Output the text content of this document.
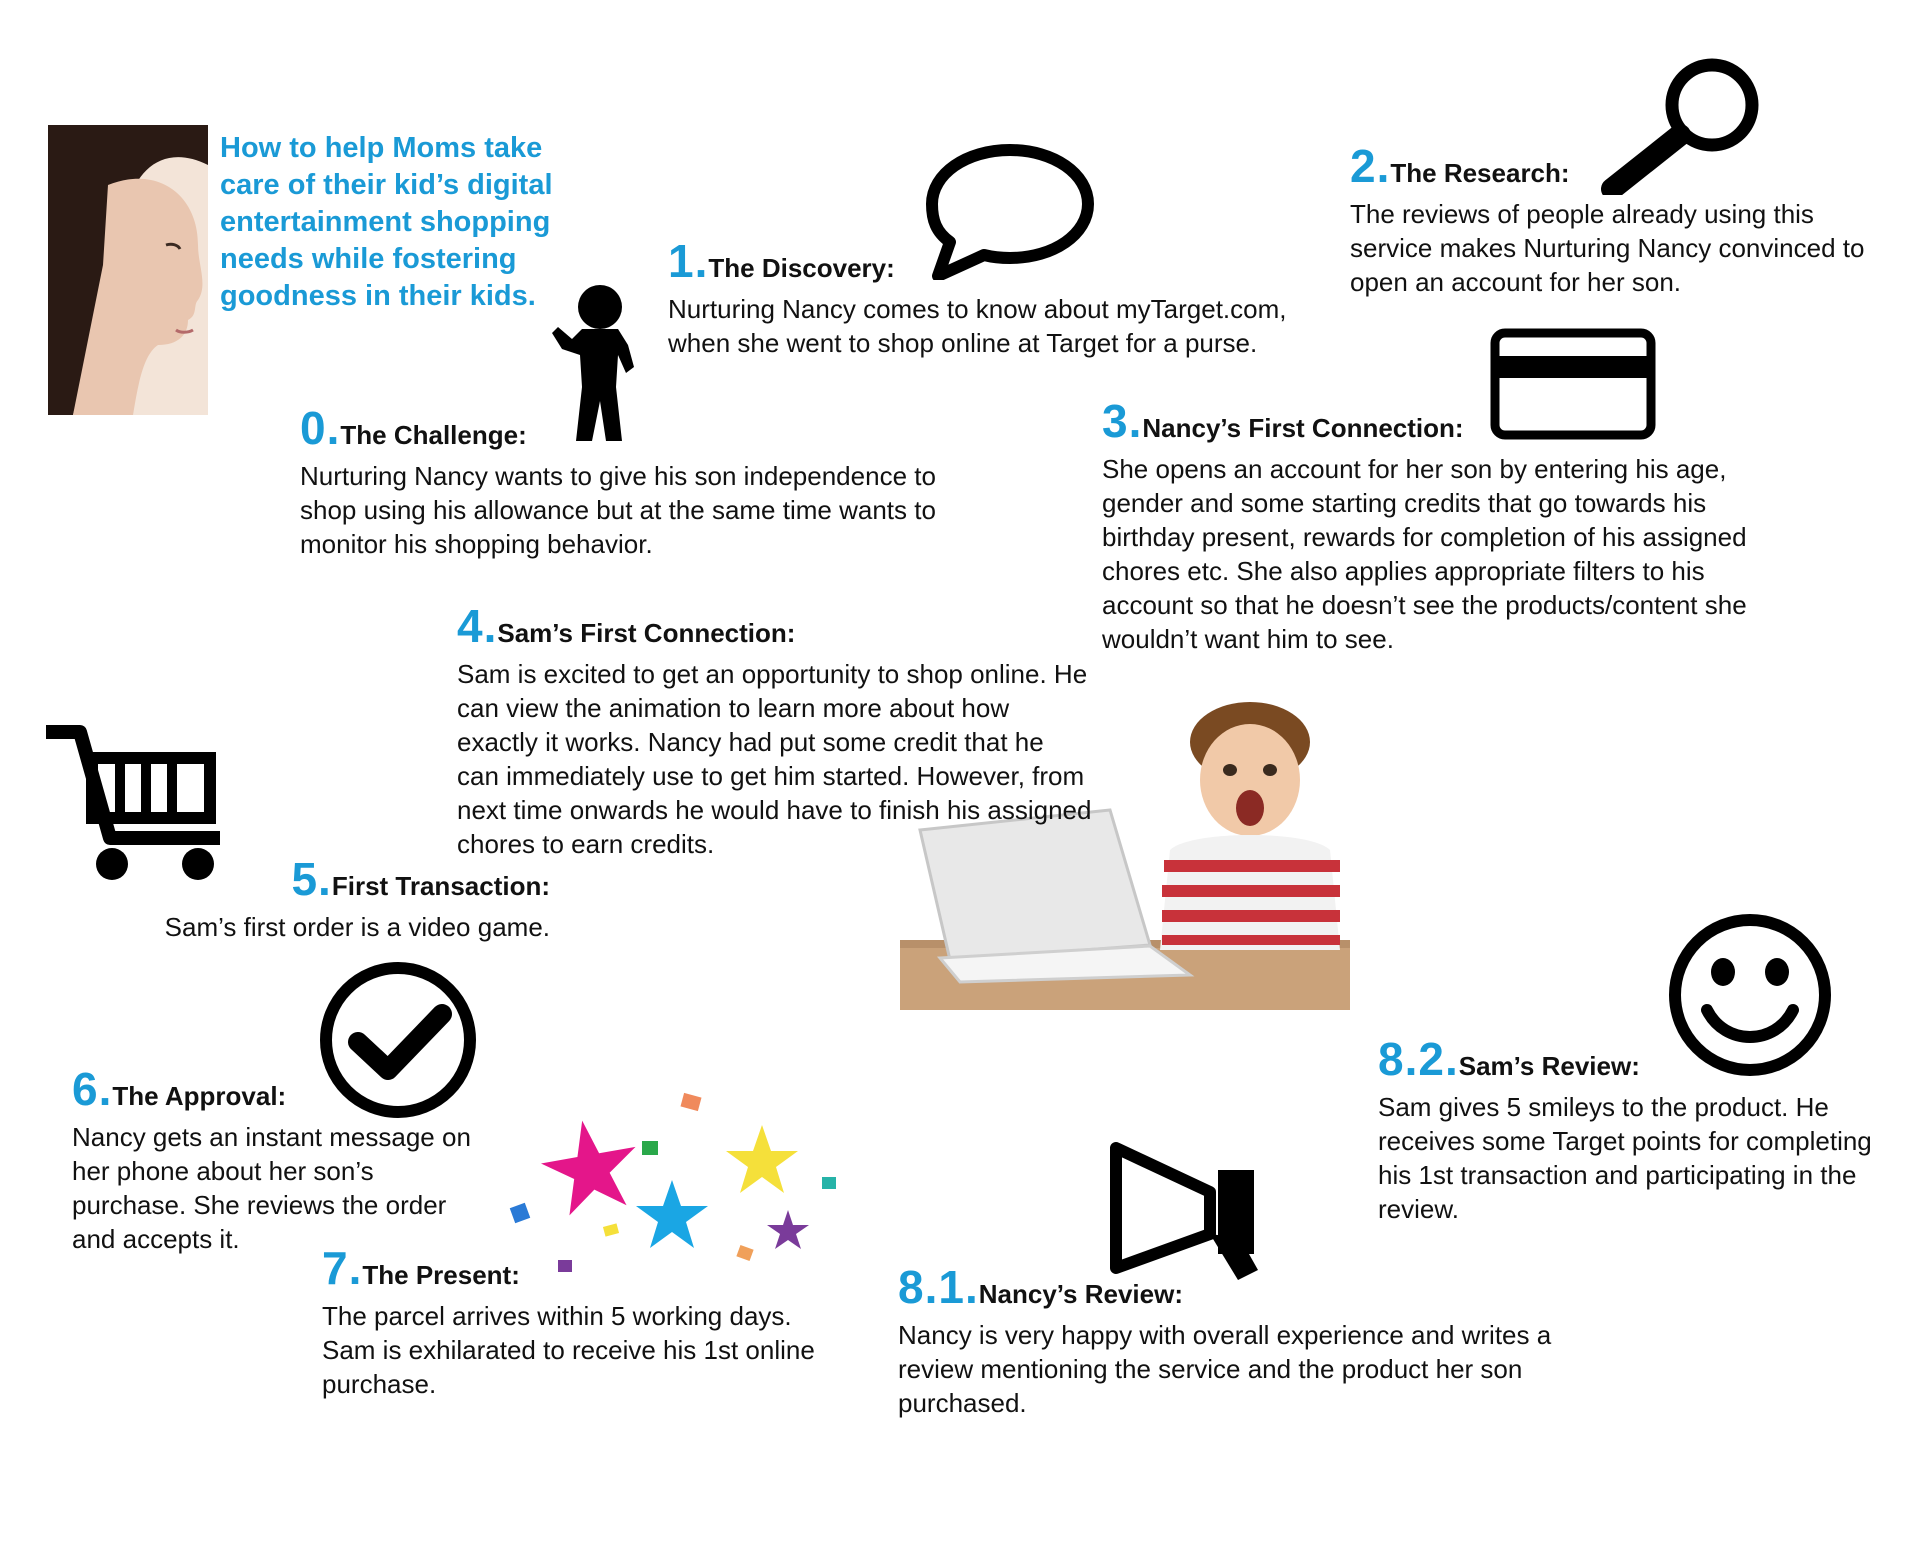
How to help Moms take care of their kid’s digital entertainment shopping needs while fostering goodness in their kids.
0.The Challenge:
Nurturing Nancy wants to give his son independence to shop using his allowance but at the same time wants to monitor his shopping behavior.
1.The Discovery:
Nurturing Nancy comes to know about myTarget.com, when she went to shop online at Target for a purse.
2.The Research:
The reviews of people already using this service makes Nurturing Nancy convinced to open an account for her son.
3.Nancy’s First Connection:
She opens an account for her son by entering his age, gender and some starting credits that go towards his birthday present, rewards for completion of his assigned chores etc. She also applies appropriate filters to his account so that he doesn’t see the products/content she wouldn’t want him to see.
4.Sam’s First Connection:
Sam is excited to get an opportunity to shop online. He can view the animation to learn more about how exactly it works. Nancy had put some credit that he can immediately use to get him started. However, from next time onwards he would have to finish his assigned chores to earn credits.
5.First Transaction:
Sam’s first order is a video game.
6.The Approval:
Nancy gets an instant message on her phone about her son’s purchase. She reviews the order and accepts it.
7.The Present:
The parcel arrives within 5 working days. Sam is exhilarated to receive his 1st online purchase.
8.1.Nancy’s Review:
Nancy is very happy with overall experience and writes a review mentioning the service and the product her son purchased.
8.2.Sam’s Review:
Sam gives 5 smileys to the product. He receives some Target points for completing his 1st transaction and participating in the review.
